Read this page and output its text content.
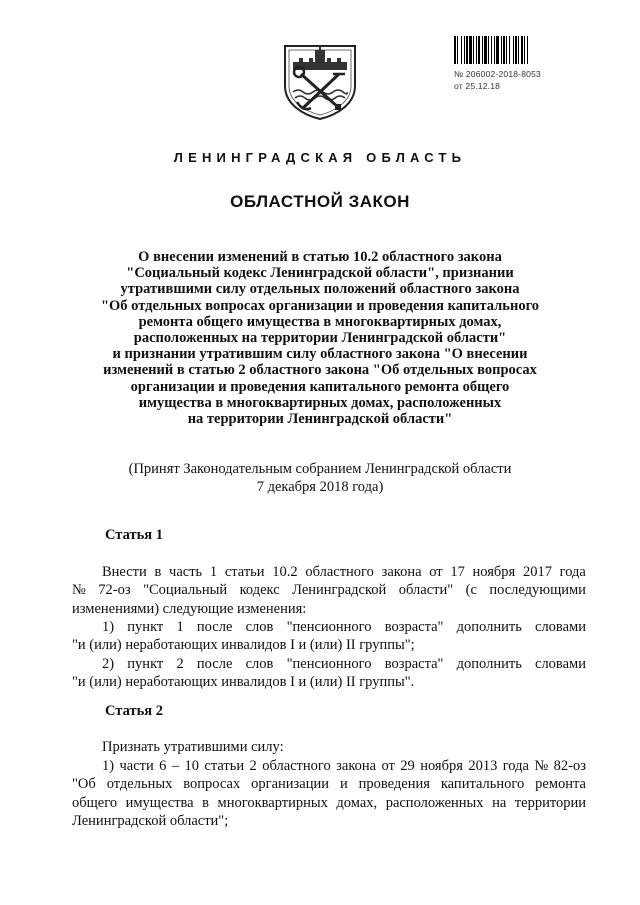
№ 206002-2018-8053
от 25.12.18
ЛЕНИНГРАДСКАЯ ОБЛАСТЬ
ОБЛАСТНОЙ ЗАКОН
О внесении изменений в статью 10.2 областного закона
"Социальный кодекс Ленинградской области", признании
утратившими силу отдельных положений областного закона
"Об отдельных вопросах организации и проведения капитального
ремонта общего имущества в многоквартирных домах,
расположенных на территории Ленинградской области"
и признании утратившим силу областного закона "О внесении
изменений в статью 2 областного закона "Об отдельных вопросах
организации и проведения капитального ремонта общего
имущества в многоквартирных домах, расположенных
на территории Ленинградской области"
(Принят Законодательным собранием Ленинградской области
7 декабря 2018 года)
Статья 1
Внести в часть 1 статьи 10.2 областного закона от 17 ноября 2017 года
№ 72-оз "Социальный кодекс Ленинградской области" (с последующими
изменениями) следующие изменения:
1) пункт 1 после слов "пенсионного возраста" дополнить словами
"и (или) неработающих инвалидов I и (или) II группы";
2) пункт 2 после слов "пенсионного возраста" дополнить словами
"и (или) неработающих инвалидов I и (или) II группы".
Статья 2
Признать утратившими силу:
1) части 6 – 10 статьи 2 областного закона от 29 ноября 2013 года № 82-оз
"Об отдельных вопросах организации и проведения капитального ремонта
общего имущества в многоквартирных домах, расположенных на территории
Ленинградской области";
